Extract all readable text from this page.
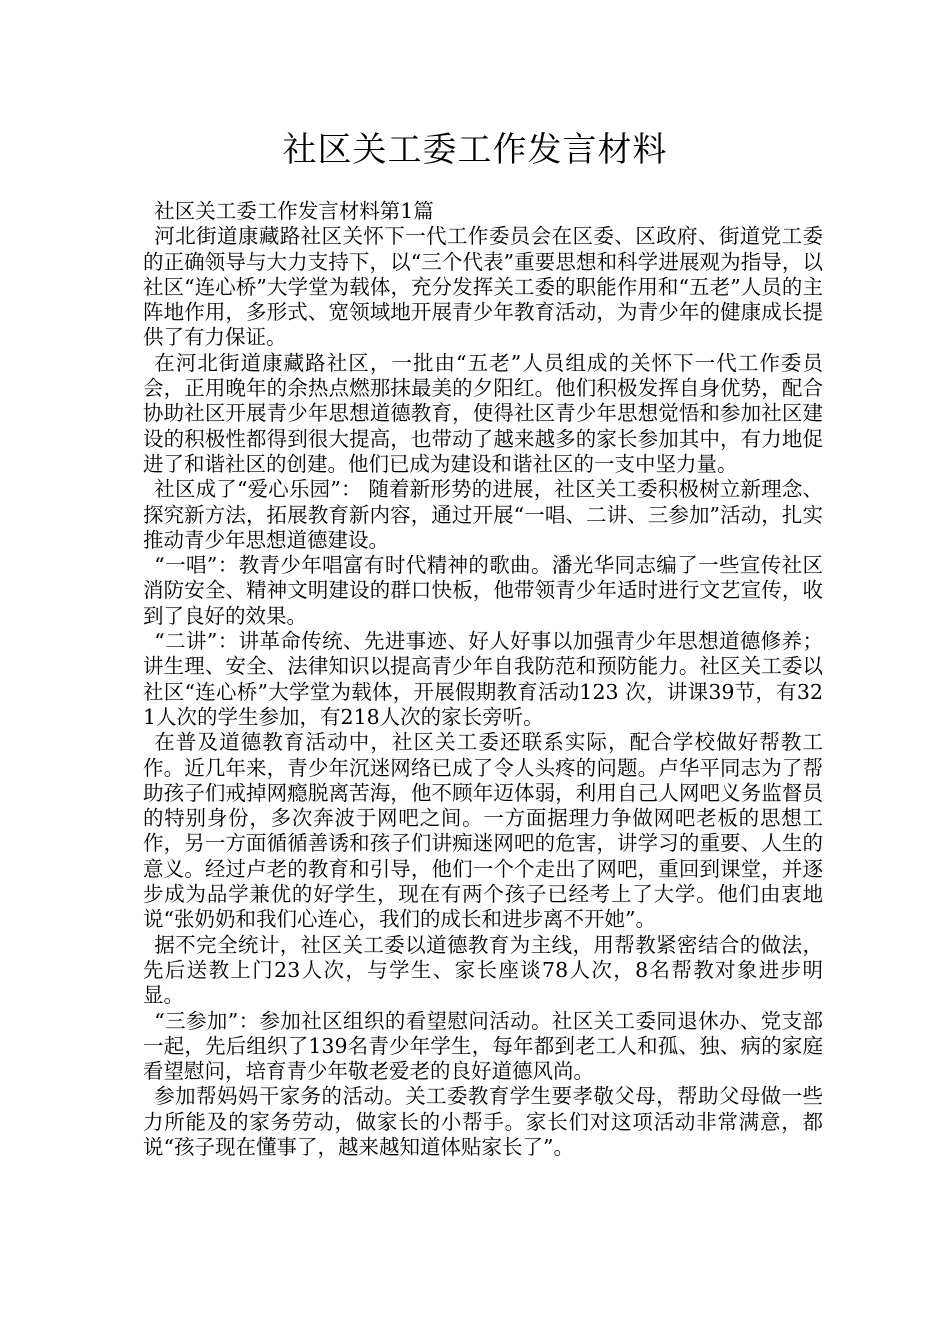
社区关工委工作发言材料

社区关工委工作发言材料第1篇

河北街道康藏路社区关怀下一代工作委员会在区委、区政府、街道党工委的正确领导与大力支持下，以“三个代表”重要思想和科学进展观为指导，以社区“连心桥”大学堂为载体，充分发挥关工委的职能作用和“五老”人员的主阵地作用，多形式、宽领域地开展青少年教育活动，为青少年的健康成长提供了有力保证。

在河北街道康藏路社区，一批由“五老”人员组成的关怀下一代工作委员会，正用晚年的余热点燃那抹最美的夕阳红。他们积极发挥自身优势，配合协助社区开展青少年思想道德教育，使得社区青少年思想觉悟和参加社区建设的积极性都得到很大提高，也带动了越来越多的家长参加其中，有力地促进了和谐社区的创建。他们已成为建设和谐社区的一支中坚力量。

社区成了“爱心乐园”： 随着新形势的进展，社区关工委积极树立新理念、探究新方法，拓展教育新内容，通过开展“一唱、二讲、三参加”活动，扎实推动青少年思想道德建设。

“一唱”：教青少年唱富有时代精神的歌曲。潘光华同志编了一些宣传社区消防安全、精神文明建设的群口快板，他带领青少年适时进行文艺宣传，收到了良好的效果。

“二讲”：讲革命传统、先进事迹、好人好事以加强青少年思想道德修养；讲生理、安全、法律知识以提高青少年自我防范和预防能力。社区关工委以社区“连心桥”大学堂为载体，开展假期教育活动123 次，讲课39节，有321人次的学生参加，有218人次的家长旁听。

在普及道德教育活动中，社区关工委还联系实际，配合学校做好帮教工作。近几年来，青少年沉迷网络已成了令人头疼的问题。卢华平同志为了帮助孩子们戒掉网瘾脱离苦海，他不顾年迈体弱，利用自己人网吧义务监督员的特别身份，多次奔波于网吧之间。一方面据理力争做网吧老板的思想工作，另一方面循循善诱和孩子们讲痴迷网吧的危害，讲学习的重要、人生的意义。经过卢老的教育和引导，他们一个个走出了网吧，重回到课堂，并逐步成为品学兼优的好学生，现在有两个孩子已经考上了大学。他们由衷地说“张奶奶和我们心连心，我们的成长和进步离不开她”。

据不完全统计，社区关工委以道德教育为主线，用帮教紧密结合的做法，先后送教上门23人次，与学生、家长座谈78人次，8名帮教对象进步明显。

“三参加”：参加社区组织的看望慰问活动。社区关工委同退休办、党支部一起，先后组织了139名青少年学生，每年都到老工人和孤、独、病的家庭看望慰问，培育青少年敬老爱老的良好道德风尚。

参加帮妈妈干家务的活动。关工委教育学生要孝敬父母，帮助父母做一些力所能及的家务劳动，做家长的小帮手。家长们对这项活动非常满意，都说“孩子现在懂事了，越来越知道体贴家长了”。
